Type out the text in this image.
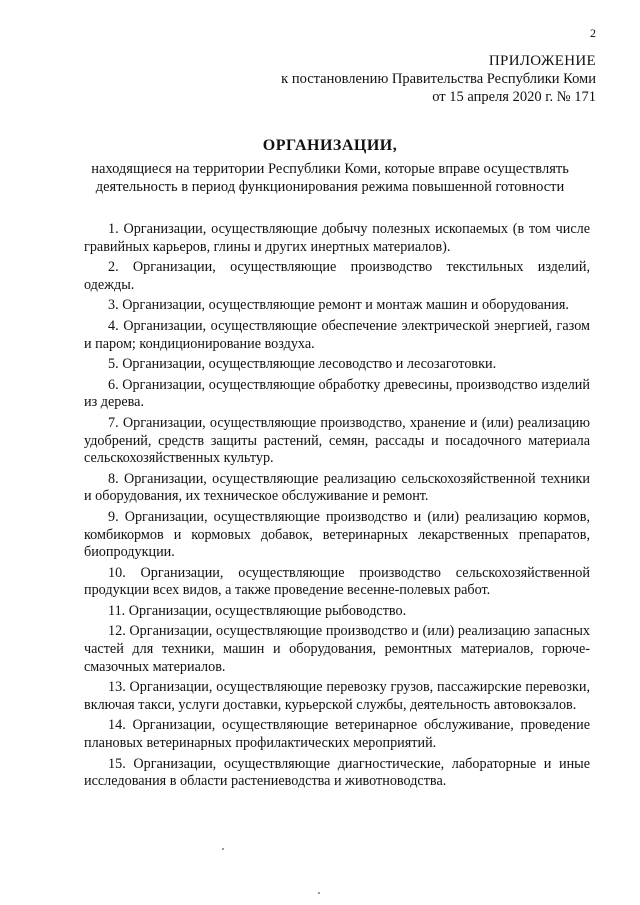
2
ПРИЛОЖЕНИЕ
к постановлению Правительства Республики Коми
от 15 апреля 2020 г. № 171
ОРГАНИЗАЦИИ,
находящиеся на территории Республики Коми, которые вправе осуществлять деятельность в период функционирования режима повышенной готовности

1. Организации, осуществляющие добычу полезных ископаемых (в том числе гравийных карьеров, глины и других инертных материалов).

2. Организации, осуществляющие производство текстильных изделий, одежды.

3. Организации, осуществляющие ремонт и монтаж машин и оборудования.

4. Организации, осуществляющие обеспечение электрической энергией, газом и паром; кондиционирование воздуха.

5. Организации, осуществляющие лесоводство и лесозаготовки.

6. Организации, осуществляющие обработку древесины, производство изделий из дерева.

7. Организации, осуществляющие производство, хранение и (или) реализацию удобрений, средств защиты растений, семян, рассады и посадочного материала сельскохозяйственных культур.

8. Организации, осуществляющие реализацию сельскохозяйственной техники и оборудования, их техническое обслуживание и ремонт.

9. Организации, осуществляющие производство и (или) реализацию кормов, комбикормов и кормовых добавок, ветеринарных лекарственных препаратов, биопродукции.

10. Организации, осуществляющие производство сельскохозяйственной продукции всех видов, а также проведение весенне-полевых работ.

11. Организации, осуществляющие рыбоводство.

12. Организации, осуществляющие производство и (или) реализацию запасных частей для техники, машин и оборудования, ремонтных материалов, горюче-смазочных материалов.

13. Организации, осуществляющие перевозку грузов, пассажирские перевозки, включая такси, услуги доставки, курьерской службы, деятельность автовокзалов.

14. Организации, осуществляющие ветеринарное обслуживание, проведение плановых ветеринарных профилактических мероприятий.

15. Организации, осуществляющие диагностические, лабораторные и иные исследования в области растениеводства и животноводства.
